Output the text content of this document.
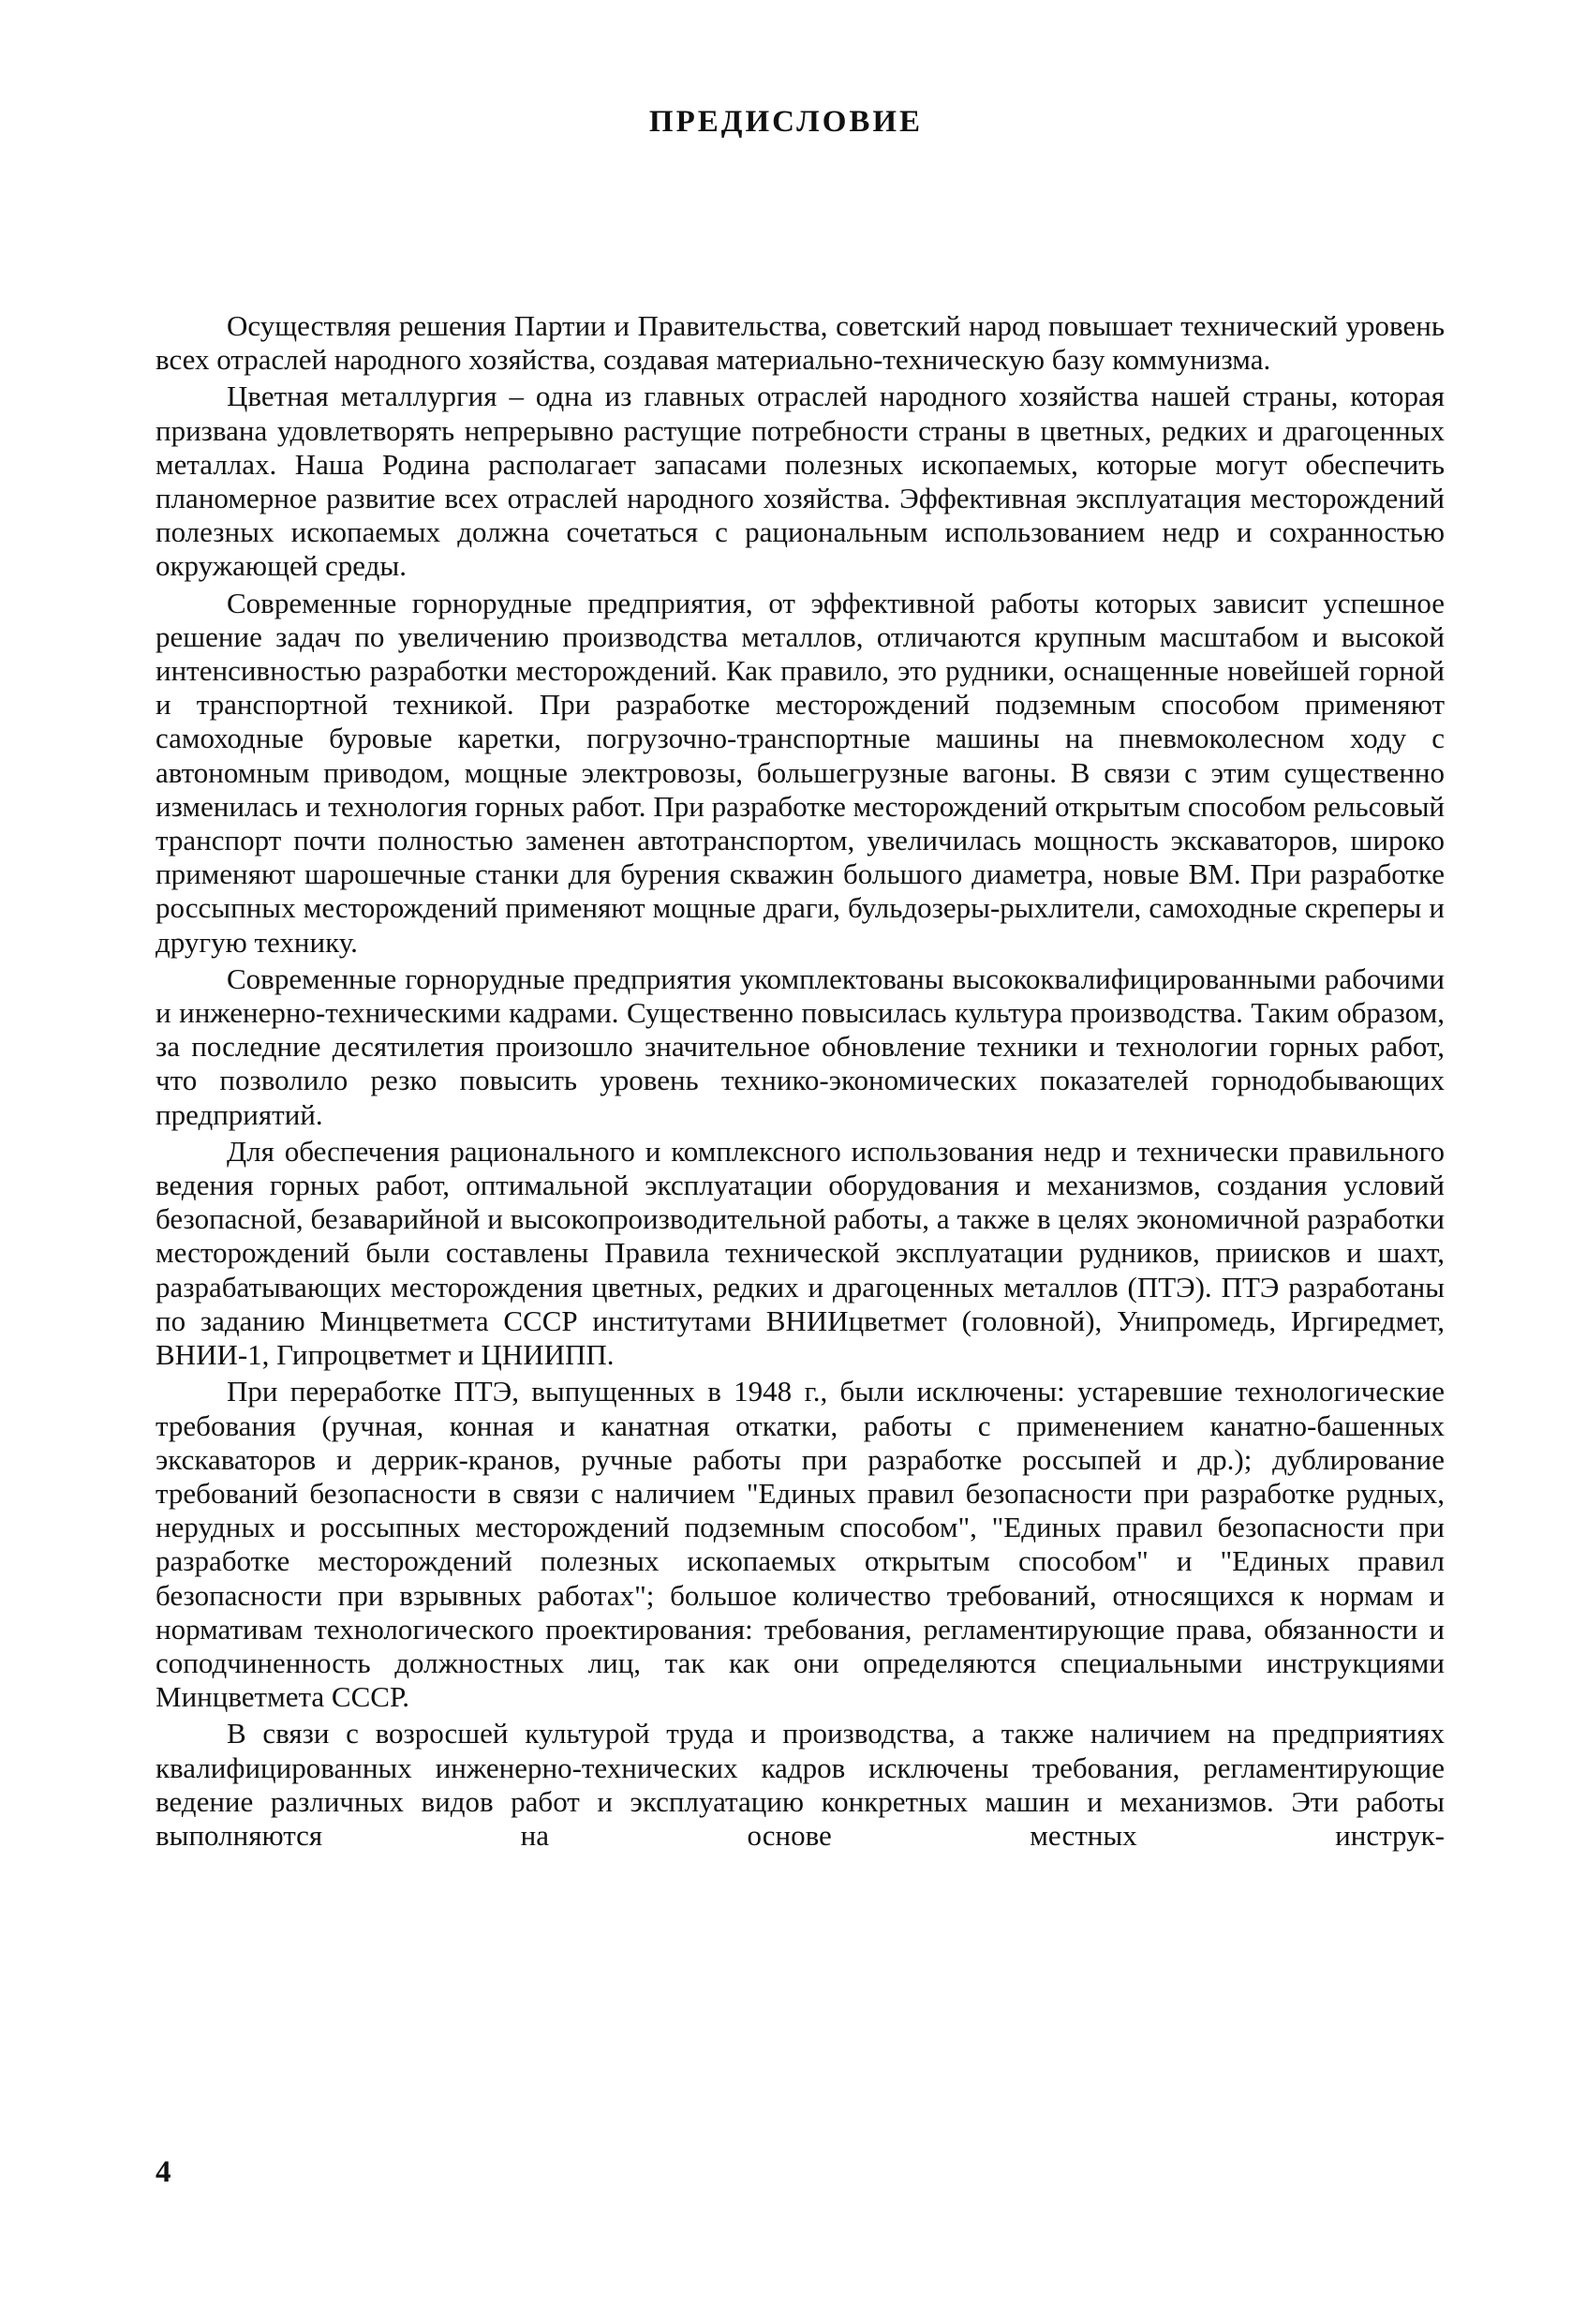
ПРЕДИСЛОВИЕ

Осуществляя решения Партии и Правительства, советский народ повышает технический уровень всех отраслей народного хозяйства, создавая материально-техническую базу коммунизма.

Цветная металлургия – одна из главных отраслей народного хозяйства нашей страны, которая призвана удовлетворять непрерывно растущие потребности страны в цветных, редких и драгоценных металлах. Наша Родина располагает запасами полезных ископаемых, которые могут обеспечить планомерное развитие всех отраслей народного хозяйства. Эффективная эксплуатация месторождений полезных ископаемых должна сочетаться с рациональным использованием недр и сохранностью окружающей среды.

Современные горнорудные предприятия, от эффективной работы которых зависит успешное решение задач по увеличению производства металлов, отличаются крупным масштабом и высокой интенсивностью разработки месторождений. Как правило, это рудники, оснащенные новейшей горной и транспортной техникой. При разработке месторождений подземным способом применяют самоходные буровые каретки, погрузочно-транспортные машины на пневмоколесном ходу с автономным приводом, мощные электровозы, большегрузные вагоны. В связи с этим существенно изменилась и технология горных работ. При разработке месторождений открытым способом рельсовый транспорт почти полностью заменен автотранспортом, увеличилась мощность экскаваторов, широко применяют шарошечные станки для бурения скважин большого диаметра, новые ВМ. При разработке россыпных месторождений применяют мощные драги, бульдозеры-рыхлители, самоходные скреперы и другую технику.

Современные горнорудные предприятия укомплектованы высококвалифицированными рабочими и инженерно-техническими кадрами. Существенно повысилась культура производства. Таким образом, за последние десятилетия произошло значительное обновление техники и технологии горных работ, что позволило резко повысить уровень технико-экономических показателей горнодобывающих предприятий.

Для обеспечения рационального и комплексного использования недр и технически правильного ведения горных работ, оптимальной эксплуатации оборудования и механизмов, создания условий безопасной, безаварийной и высокопроизводительной работы, а также в целях экономичной разработки месторождений были составлены Правила технической эксплуатации рудников, приисков и шахт, разрабатывающих месторождения цветных, редких и драгоценных металлов (ПТЭ). ПТЭ разработаны по заданию Минцветмета СССР институтами ВНИИцветмет (головной), Унипромедь, Иргиредмет, ВНИИ-1, Гипроцветмет и ЦНИИПП.

При переработке ПТЭ, выпущенных в 1948 г., были исключены: устаревшие технологические требования (ручная, конная и канатная откатки, работы с применением канатно-башенных экскаваторов и деррик-кранов, ручные работы при разработке россыпей и др.); дублирование требований безопасности в связи с наличием "Единых правил безопасности при разработке рудных, нерудных и россыпных месторождений подземным способом", "Единых правил безопасности при разработке месторождений полезных ископаемых открытым способом" и "Единых правил безопасности при взрывных работах"; большое количество требований, относящихся к нормам и нормативам технологического проектирования: требования, регламентирующие права, обязанности и соподчиненность должностных лиц, так как они определяются специальными инструкциями Минцветмета СССР.

В связи с возросшей культурой труда и производства, а также наличием на предприятиях квалифицированных инженерно-технических кадров исключены требования, регламентирующие ведение различных видов работ и эксплуатацию конкретных машин и механизмов. Эти работы выполняются на основе местных инструк-

4
